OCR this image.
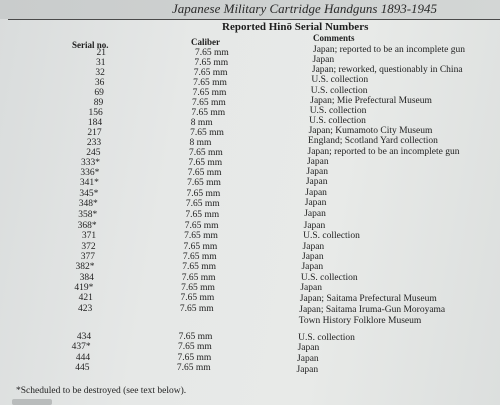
Japanese Military Cartridge Handguns 1893-1945
Reported Hinō Serial Numbers
Serial no.	Caliber	Comments
21	7.65 mm	Japan; reported to be an incomplete gun
31	7.65 mm	Japan
32	7.65 mm	Japan; reworked, questionably in China
36	7.65 mm	U.S. collection
69	7.65 mm	U.S. collection
89	7.65 mm	Japan; Mie Prefectural Museum
156	7.65 mm	U.S. collection
184	8 mm	U.S. collection
217	7.65 mm	Japan; Kumamoto City Museum
233	8 mm	England; Scotland Yard collection
245	7.65 mm	Japan; reported to be an incomplete gun
333*	7.65 mm	Japan
336*	7.65 mm	Japan
341*	7.65 mm	Japan
345*	7.65 mm	Japan
348*	7.65 mm	Japan
358*	7.65 mm	Japan
368*	7.65 mm	Japan
371	7.65 mm	U.S. collection
372	7.65 mm	Japan
377	7.65 mm	Japan
382*	7.65 mm	Japan
384	7.65 mm	U.S. collection
419*	7.65 mm	Japan
421	7.65 mm	Japan; Saitama Prefectural Museum
423	7.65 mm	Japan; Saitama Iruma-Gun Moroyama
Town History Folklore Museum
434	7.65 mm	U.S. collection
437*	7.65 mm	Japan
444	7.65 mm	Japan
445	7.65 mm	Japan
*Scheduled to be destroyed (see text below).
